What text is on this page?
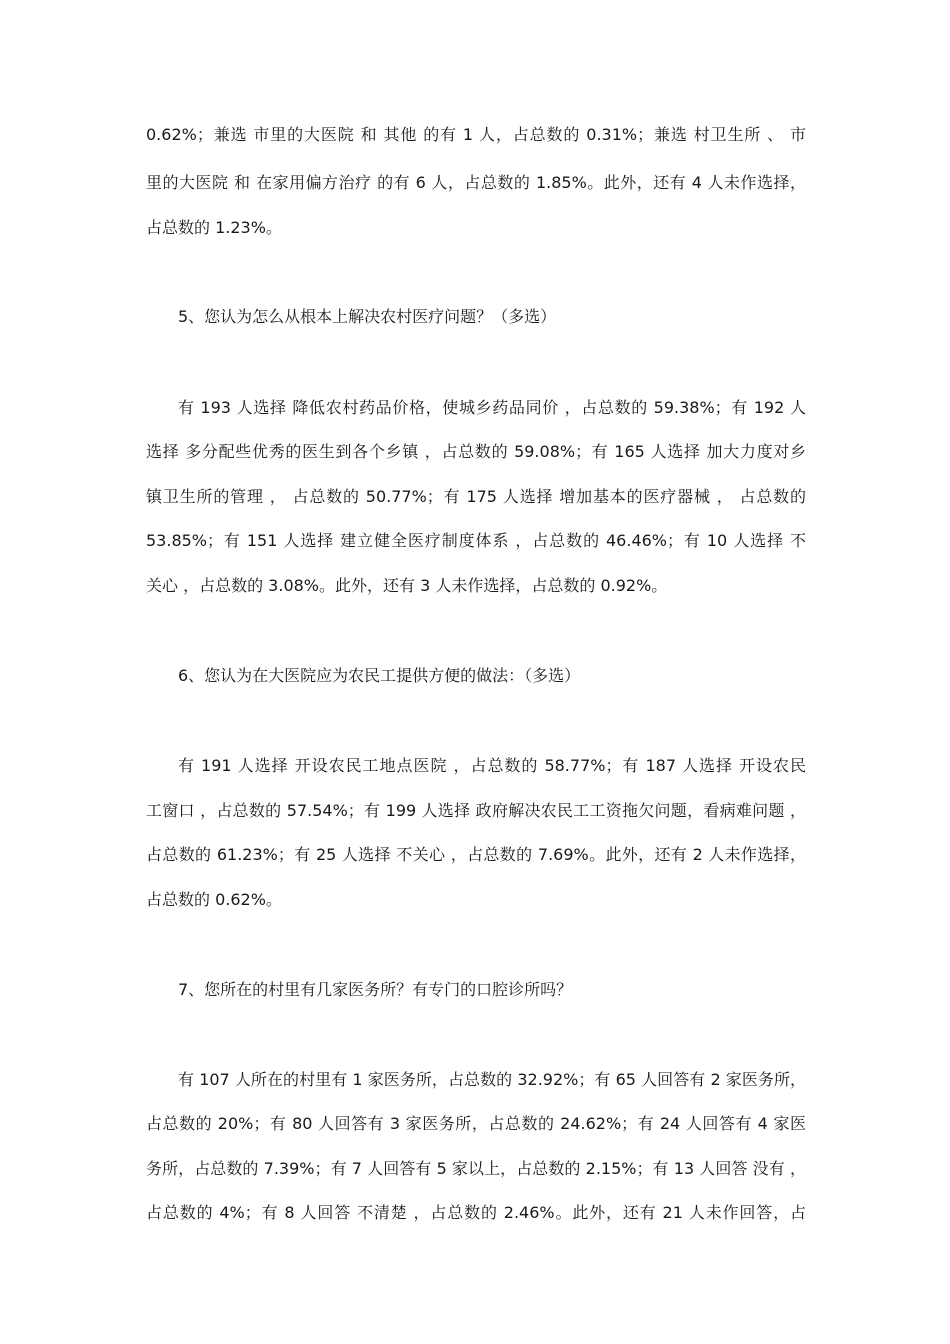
0.62%；兼选 市里的大医院 和 其他 的有 1 人，占总数的 0.31%；兼选 村卫生所 、 市
里的大医院 和 在家用偏方治疗 的有 6 人，占总数的 1.85%。此外，还有 4 人未作选择，
占总数的 1.23%。
5、您认为怎么从根本上解决农村医疗问题？（多选）
有 193 人选择 降低农村药品价格，使城乡药品同价 ，占总数的 59.38%；有 192 人
选择 多分配些优秀的医生到各个乡镇 ，占总数的 59.08%；有 165 人选择 加大力度对乡
镇卫生所的管理 ， 占总数的 50.77%；有 175 人选择 增加基本的医疗器械 ， 占总数的
53.85%；有 151 人选择 建立健全医疗制度体系 ，占总数的 46.46%；有 10 人选择 不
关心 ，占总数的 3.08%。此外，还有 3 人未作选择，占总数的 0.92%。
6、您认为在大医院应为农民工提供方便的做法：（多选）
有 191 人选择 开设农民工地点医院 ，占总数的 58.77%；有 187 人选择 开设农民
工窗口 ，占总数的 57.54%；有 199 人选择 政府解决农民工工资拖欠问题，看病难问题 ，
占总数的 61.23%；有 25 人选择 不关心 ，占总数的 7.69%。此外，还有 2 人未作选择，
占总数的 0.62%。
7、您所在的村里有几家医务所？有专门的口腔诊所吗？
有 107 人所在的村里有 1 家医务所，占总数的 32.92%；有 65 人回答有 2 家医务所，
占总数的 20%；有 80 人回答有 3 家医务所，占总数的 24.62%；有 24 人回答有 4 家医
务所，占总数的 7.39%；有 7 人回答有 5 家以上，占总数的 2.15%；有 13 人回答 没有 ，
占总数的 4%；有 8 人回答 不清楚 ，占总数的 2.46%。此外，还有 21 人未作回答，占
